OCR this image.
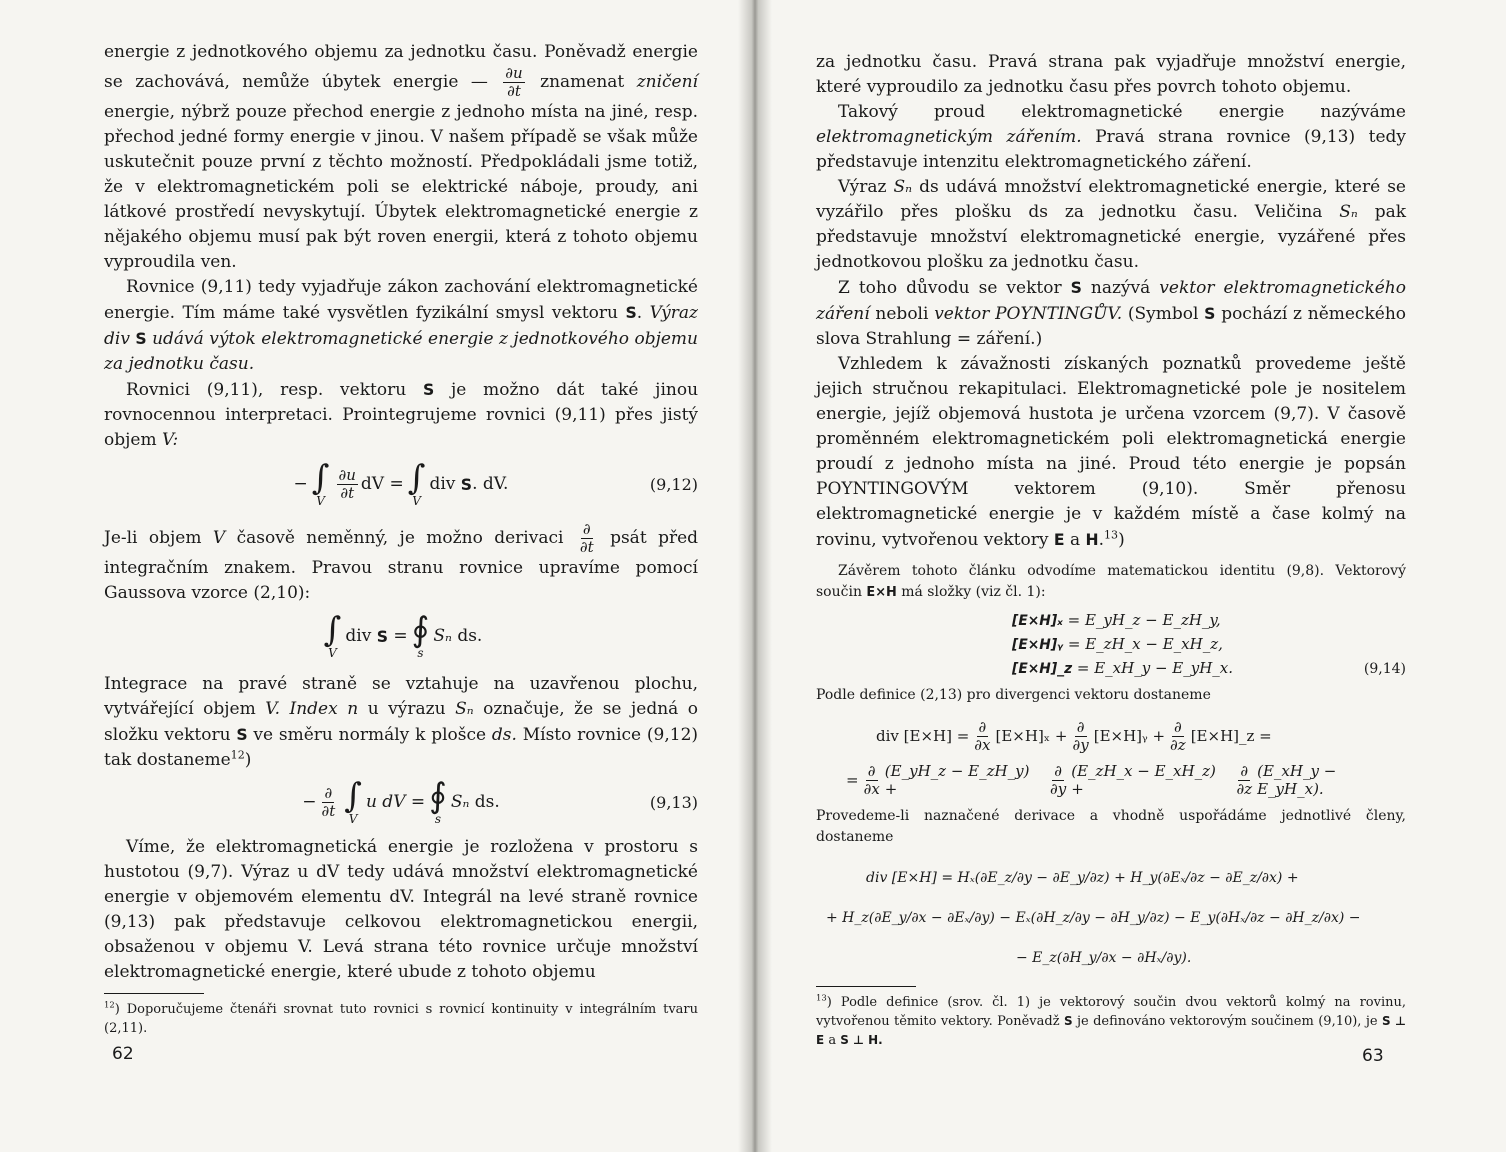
energie z jednotkového objemu za jednotku času. Poněvadž energie se zachovává, nemůže úbytek energie — $\frac{\partial u}{\partial t}$ znamenat zničení energie, nýbrž pouze přechod energie z jednoho místa na jiné, resp. přechod jedné formy energie v jinou. V našem případě se však může uskutečnit pouze první z těchto možností. Předpokládali jsme totiž, že v elektromagnetickém poli se elektrické náboje, proudy, ani látkové prostředí nevyskytují. Úbytek elektromagnetické energie z nějakého objemu musí pak být roven energii, která z tohoto objemu vyproudila ven.

Rovnice (9,11) tedy vyjadřuje zákon zachování elektromagnetické energie. Tím máme také vysvětlen fyzikální smysl vektoru S. Výraz div S udává výtok elektromagnetické energie z jednotkového objemu za jednotku času.

Rovnici (9,11), resp. vektoru S je možno dát také jinou rovnocennou interpretaci. Prointegrujeme rovnici (9,11) přes jistý objem V:

− ∫
V $\frac{\partial u}{\partial t}$ dV = ∫
V
div
S . dV.	(9,12)

Je-li objem V časově neměnný, je možno derivaci $\frac{\partial}{\partial t}$ psát před integračním znakem. Pravou stranu rovnice upravíme pomocí Gaussova vzorce (2,10):

∫
V
div
S
= ∮
s
Sₙ
ds.

Integrace na pravé straně se vztahuje na uzavřenou plochu, vytvářející objem V. Index n u výrazu Sₙ označuje, že se jedná o složku vektoru S ve směru normály k plošce ds. Místo rovnice (9,12) tak dostaneme$^{12}$)

− $\frac{\partial}{\partial t}$ ∫
V
u dV = ∮
s
Sₙ
ds.	(9,13)

Víme, že elektromagnetická energie je rozložena v prostoru s hustotou (9,7). Výraz u dV tedy udává množství elektromagnetické energie v objemovém elementu dV. Integrál na levé straně rovnice (9,13) pak představuje celkovou elektromagnetickou energii, obsaženou v objemu V. Levá strana této rovnice určuje množství elektromagnetické energie, které ubude z tohoto objemu

$^{12}$) Doporučujeme čtenáři srovnat tuto rovnici s rovnicí kontinuity v integrálním tvaru (2,11).

62

za jednotku času. Pravá strana pak vyjadřuje množství energie, které vyproudilo za jednotku času přes povrch tohoto objemu.

Takový proud elektromagnetické energie nazýváme elektromagnetickým zářením. Pravá strana rovnice (9,13) tedy představuje intenzitu elektromagnetického záření.

Výraz Sₙ ds udává množství elektromagnetické energie, které se vyzářilo přes plošku ds za jednotku času. Veličina Sₙ pak představuje množství elektromagnetické energie, vyzářené přes jednotkovou plošku za jednotku času.

Z toho důvodu se vektor S nazývá vektor elektromagnetického záření neboli vektor POYNTINGŮV. (Symbol S pochází z německého slova Strahlung = záření.)

Vzhledem k závažnosti získaných poznatků provedeme ještě jejich stručnou rekapitulaci. Elektromagnetické pole je nositelem energie, jejíž objemová hustota je určena vzorcem (9,7). V časově proměnném elektromagnetickém poli elektromagnetická energie proudí z jednoho místa na jiné. Proud této energie je popsán POYNTINGOVÝM vektorem (9,10). Směr přenosu elektromagnetické energie je v každém místě a čase kolmý na rovinu, vytvořenou vektory E a H.$^{13}$)

Závěrem tohoto článku odvodíme matematickou identitu (9,8). Vektorový součin E×H má složky (viz čl. 1):

[E×H]ₓ = E_yH_z − E_zH_y,
[E×H]ᵧ = E_zH_x − E_xH_z,
[E×H]_z = E_xH_y − E_yH_x.	(9,14)

Podle definice (2,13) pro divergenci vektoru dostaneme

div $[E\times H] = \frac{\partial}{\partial x} [E\times H]_x + \frac{\partial}{\partial y}$ [E×H]ᵧ + $\frac{\partial}{\partial z}$ [E×H]_z =
= $\frac{\partial}{\partial x}$ (E_yH_z − E_zH_y) +	$\frac{\partial}{\partial y}$ (E_zH_x − E_xH_z) +	$\frac{\partial}{\partial z}$ (E_xH_y − E_yH_x).

Provedeme-li naznačené derivace a vhodně uspořádáme jednotlivé členy, dostaneme

div [E×H] = Hₓ(∂E_z/∂y − ∂E_y/∂z) + H_y(∂Eₓ/∂z − ∂E_z/∂x) +
+ H_z(∂E_y/∂x − ∂Eₓ/∂y) − Eₓ(∂H_z/∂y − ∂H_y/∂z) − E_y(∂Hₓ/∂z − ∂H_z/∂x) −
− E_z(∂H_y/∂x − ∂Hₓ/∂y).

$^{13}$) Podle definice (srov. čl. 1) je vektorový součin dvou vektorů kolmý na rovinu, vytvořenou těmito vektory. Poněvadž S je definováno vektorovým součinem (9,10), je S ⊥ E a S ⊥ H.

63
